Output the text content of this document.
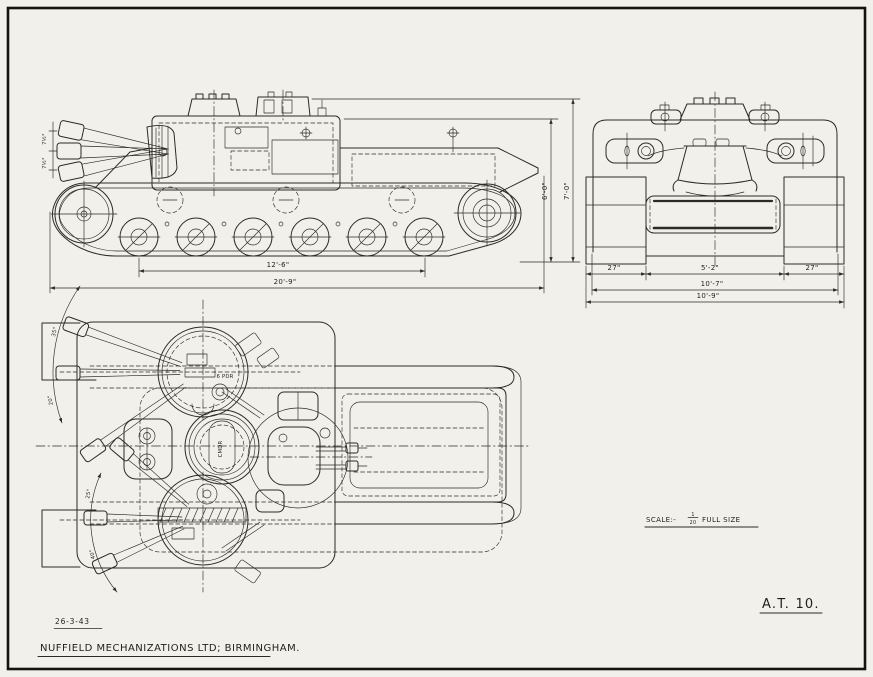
7½°
7½°
6'-0" 7'-0"
12'-6"
20'-9"
27"	5'-2"	27"
10'-7"
10'-9"
6 PDR
35°
20°
25°
40°
CMDR
SCALE:-
1
20 FULL SIZE
A.T. 10.
26-3-43
NUFFIELD MECHANIZATIONS LTD; BIRMINGHAM.
